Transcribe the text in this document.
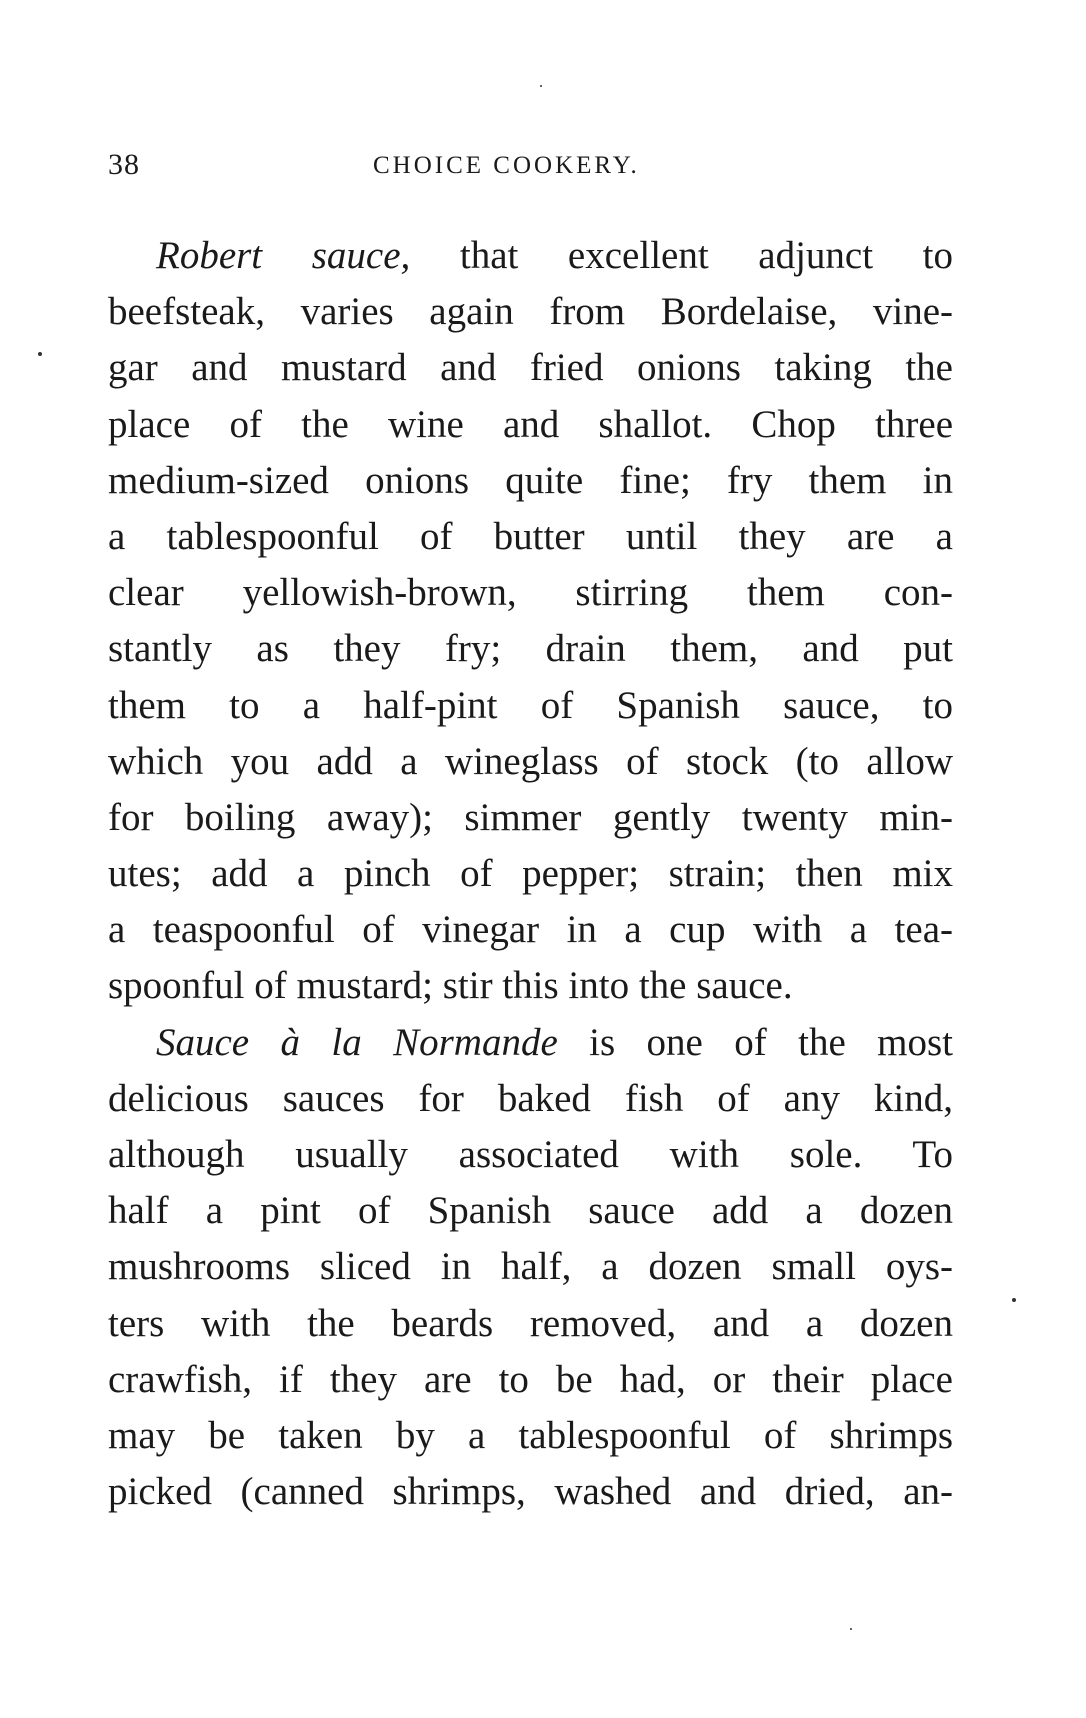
38	CHOICE COOKERY.
Robert sauce, that excellent adjunct to
beefsteak, varies again from Bordelaise, vine-
gar and mustard and fried onions taking the
place of the wine and shallot. Chop three
medium-sized onions quite fine; fry them in
a tablespoonful of butter until they are a
clear yellowish-brown, stirring them con-
stantly as they fry; drain them, and put
them to a half-pint of Spanish sauce, to
which you add a wineglass of stock (to allow
for boiling away); simmer gently twenty min-
utes; add a pinch of pepper; strain; then mix
a teaspoonful of vinegar in a cup with a tea-
spoonful of mustard; stir this into the sauce.
Sauce à la Normande is one of the most
delicious sauces for baked fish of any kind,
although usually associated with sole. To
half a pint of Spanish sauce add a dozen
mushrooms sliced in half, a dozen small oys-
ters with the beards removed, and a dozen
crawfish, if they are to be had, or their place
may be taken by a tablespoonful of shrimps
picked (canned shrimps, washed and dried, an-
